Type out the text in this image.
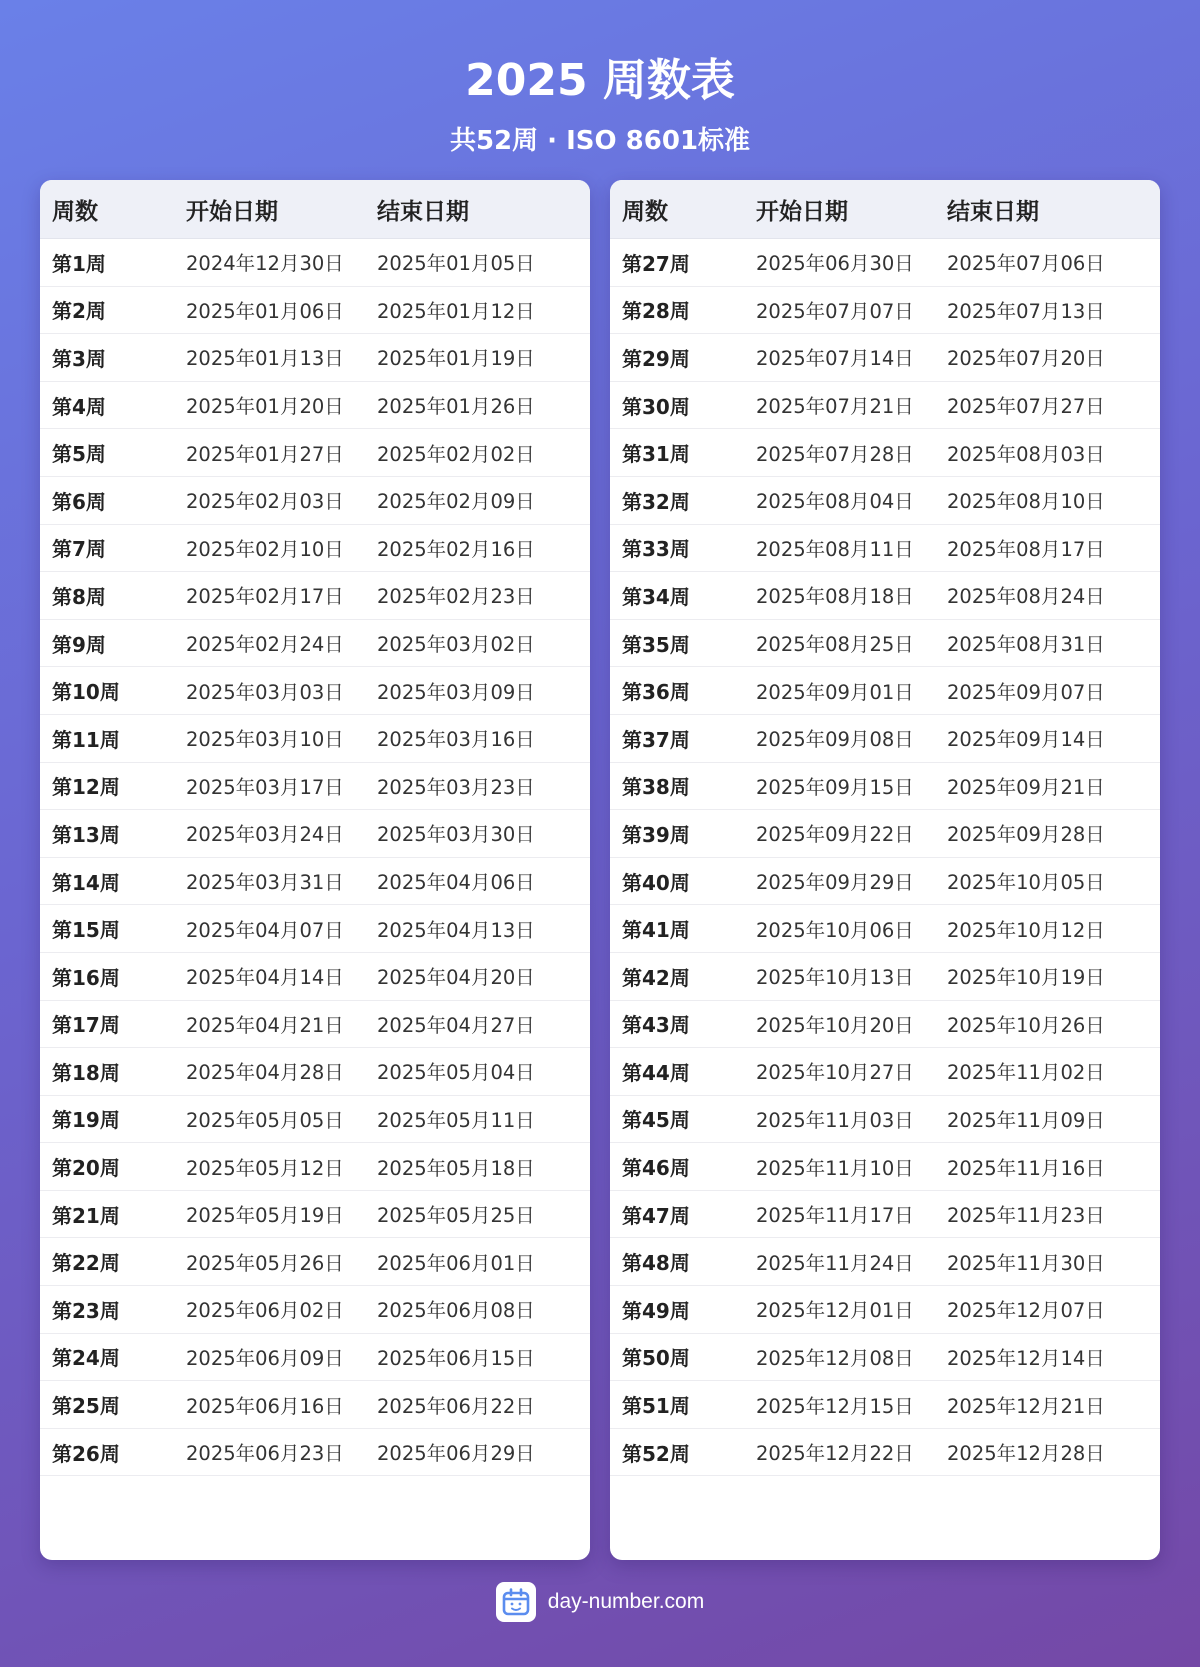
2025 周数表
共52周 · ISO 8601标准
周数	开始日期	结束日期
第1周	2024年12月30日	2025年01月05日
第2周	2025年01月06日	2025年01月12日
第3周	2025年01月13日	2025年01月19日
第4周	2025年01月20日	2025年01月26日
第5周	2025年01月27日	2025年02月02日
第6周	2025年02月03日	2025年02月09日
第7周	2025年02月10日	2025年02月16日
第8周	2025年02月17日	2025年02月23日
第9周	2025年02月24日	2025年03月02日
第10周	2025年03月03日	2025年03月09日
第11周	2025年03月10日	2025年03月16日
第12周	2025年03月17日	2025年03月23日
第13周	2025年03月24日	2025年03月30日
第14周	2025年03月31日	2025年04月06日
第15周	2025年04月07日	2025年04月13日
第16周	2025年04月14日	2025年04月20日
第17周	2025年04月21日	2025年04月27日
第18周	2025年04月28日	2025年05月04日
第19周	2025年05月05日	2025年05月11日
第20周	2025年05月12日	2025年05月18日
第21周	2025年05月19日	2025年05月25日
第22周	2025年05月26日	2025年06月01日
第23周	2025年06月02日	2025年06月08日
第24周	2025年06月09日	2025年06月15日
第25周	2025年06月16日	2025年06月22日
第26周	2025年06月23日	2025年06月29日
周数	开始日期	结束日期
第27周	2025年06月30日	2025年07月06日
第28周	2025年07月07日	2025年07月13日
第29周	2025年07月14日	2025年07月20日
第30周	2025年07月21日	2025年07月27日
第31周	2025年07月28日	2025年08月03日
第32周	2025年08月04日	2025年08月10日
第33周	2025年08月11日	2025年08月17日
第34周	2025年08月18日	2025年08月24日
第35周	2025年08月25日	2025年08月31日
第36周	2025年09月01日	2025年09月07日
第37周	2025年09月08日	2025年09月14日
第38周	2025年09月15日	2025年09月21日
第39周	2025年09月22日	2025年09月28日
第40周	2025年09月29日	2025年10月05日
第41周	2025年10月06日	2025年10月12日
第42周	2025年10月13日	2025年10月19日
第43周	2025年10月20日	2025年10月26日
第44周	2025年10月27日	2025年11月02日
第45周	2025年11月03日	2025年11月09日
第46周	2025年11月10日	2025年11月16日
第47周	2025年11月17日	2025年11月23日
第48周	2025年11月24日	2025年11月30日
第49周	2025年12月01日	2025年12月07日
第50周	2025年12月08日	2025年12月14日
第51周	2025年12月15日	2025年12月21日
第52周	2025年12月22日	2025年12月28日
day-number.com
